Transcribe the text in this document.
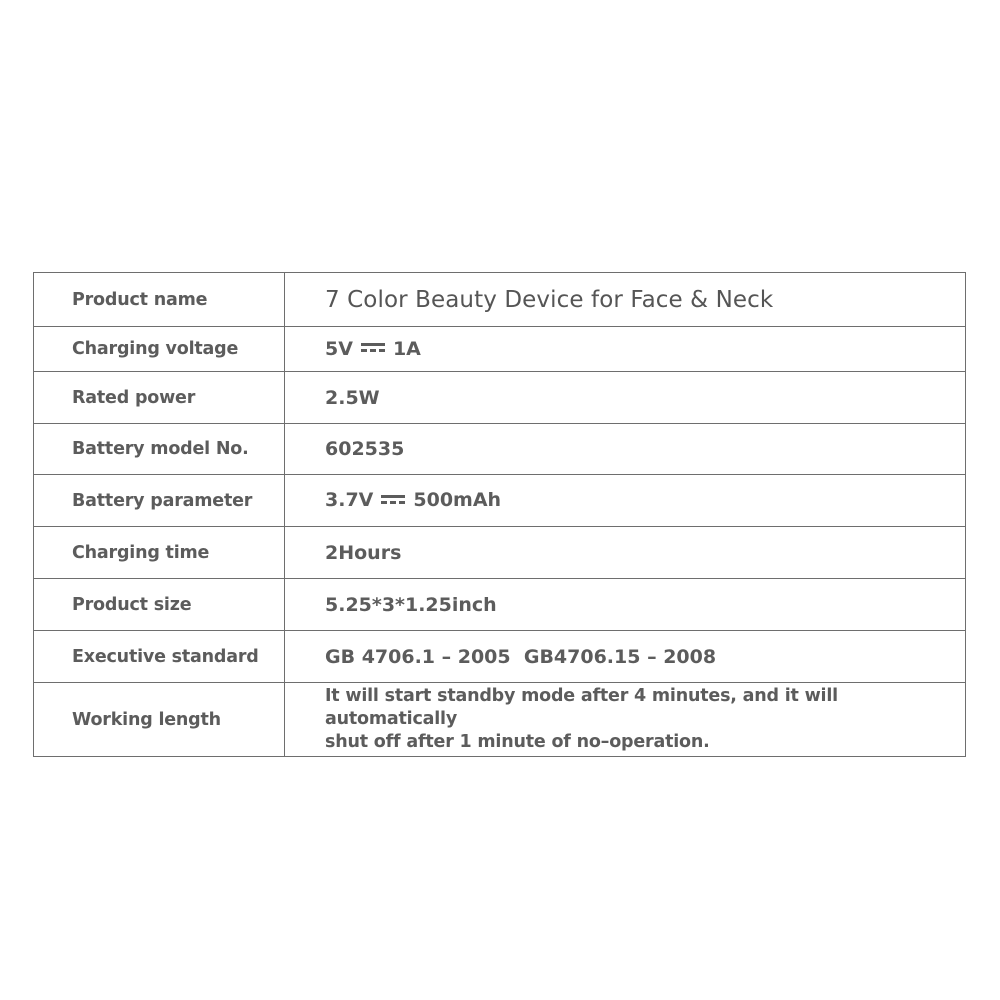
Product name	7 Color Beauty Device for Face & Neck
Charging voltage	5V 1A
Rated power	2.5W
Battery model No.	602535
Battery parameter	3.7V 500mAh
Charging time	2Hours
Product size	5.25*3*1.25inch
Executive standard	GB 4706.1 – 2005  GB4706.15 – 2008
Working length	It will start standby mode after 4 minutes, and it will automatically
shut off after 1 minute of no–operation.
